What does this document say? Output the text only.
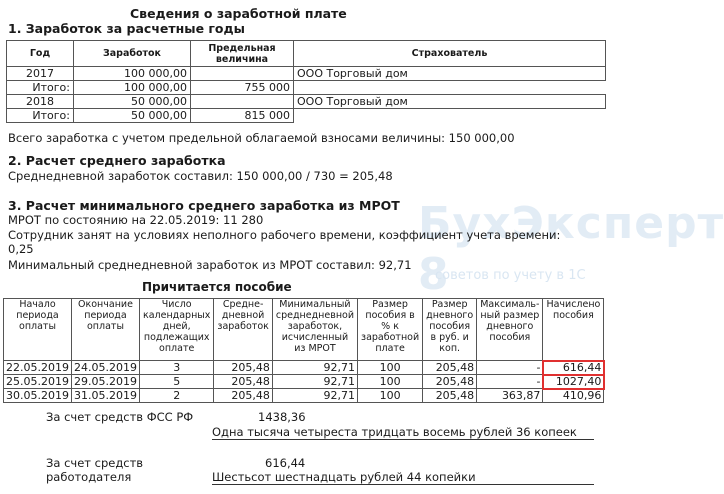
БухЭксперт 8
советов по учету в 1С
Сведения о заработной плате
1. Заработок за расчетные годы
Год	Заработок	Предельная величина	Страхователь
2017	100 000,00		ООО Торговый дом
Итого:	100 000,00	755 000	
2018	50 000,00		ООО Торговый дом
Итого:	50 000,00	815 000	
Всего заработка с учетом предельной облагаемой взносами величины: 150 000,00
2. Расчет среднего заработка
Среднедневной заработок составил: 150 000,00 / 730 = 205,48
3. Расчет минимального среднего заработка из МРОТ
МРОТ по состоянию на 22.05.2019: 11 280
Сотрудник занят на условиях неполного рабочего времени, коэффициент учета времени:
0,25
Минимальный среднедневной заработок из МРОТ составил: 92,71
Причитается пособие
Начало периода оплаты	Окончание периода оплаты	Число календарных дней, подлежащих оплате	Средне-дневной заработок	Минимальный среднедневной заработок, исчисленный из МРОТ	Размер пособия в % к заработной плате	Размер дневного пособия в руб. и коп.	Максималь-ный размер дневного пособия	Начислено пособия
22.05.2019	24.05.2019	3	205,48	92,71	100	205,48	-	616,44
25.05.2019	29.05.2019	5	205,48	92,71	100	205,48	-	1027,40
30.05.2019	31.05.2019	2	205,48	92,71	100	205,48	363,87	410,96
За счет средств ФСС РФ	1438,36
Одна тысяча четыреста тридцать восемь рублей 36 копеек
За счет средств
работодателя
616,44
Шестьсот шестнадцать рублей 44 копейки
